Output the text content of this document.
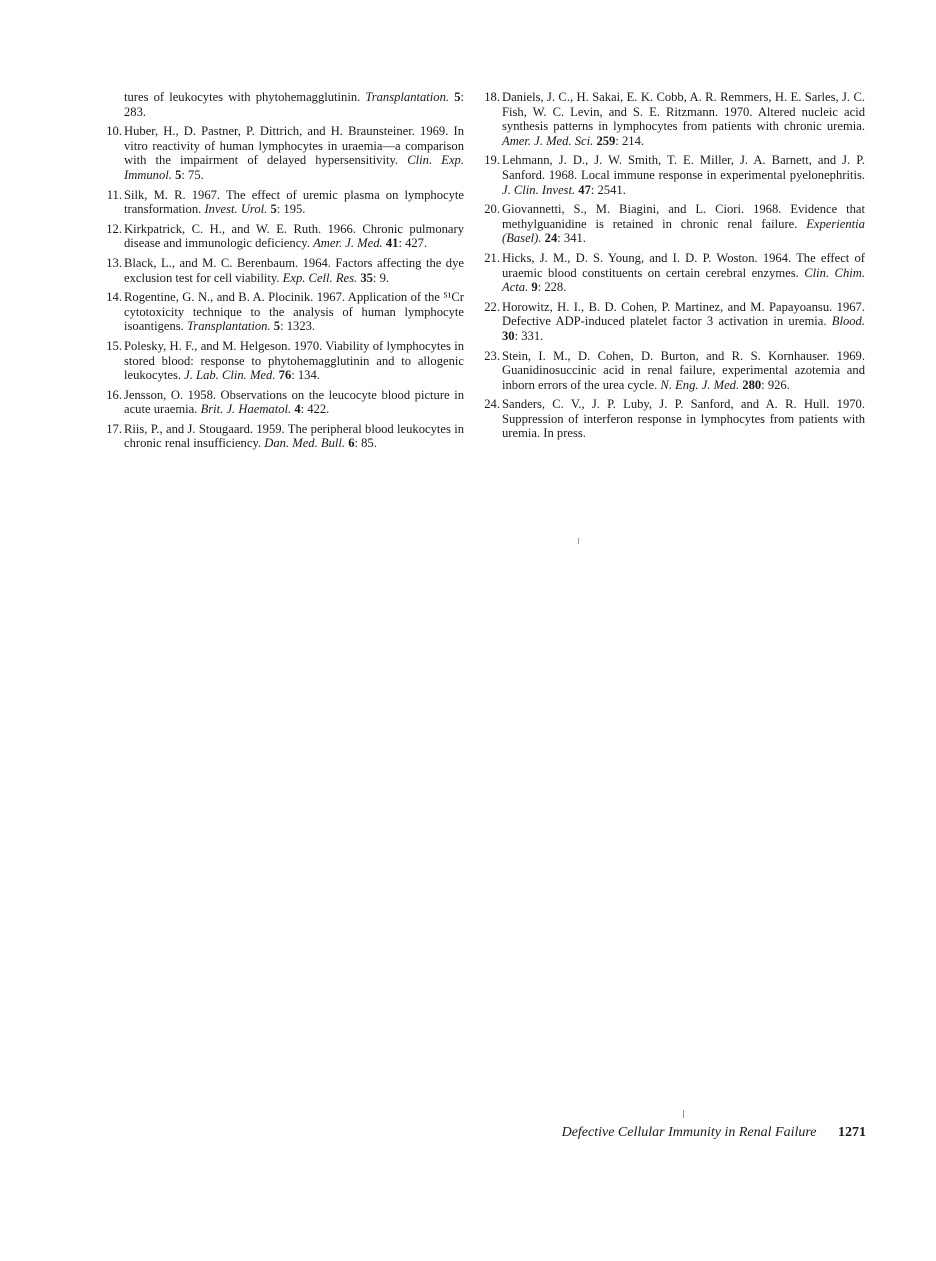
tures of leukocytes with phytohemagglutinin. Transplantation. 5: 283.
10. Huber, H., D. Pastner, P. Dittrich, and H. Braunsteiner. 1969. In vitro reactivity of human lymphocytes in uraemia—a comparison with the impairment of delayed hypersensitivity. Clin. Exp. Immunol. 5: 75.
11. Silk, M. R. 1967. The effect of uremic plasma on lymphocyte transformation. Invest. Urol. 5: 195.
12. Kirkpatrick, C. H., and W. E. Ruth. 1966. Chronic pulmonary disease and immunologic deficiency. Amer. J. Med. 41: 427.
13. Black, L., and M. C. Berenbaum. 1964. Factors affecting the dye exclusion test for cell viability. Exp. Cell. Res. 35: 9.
14. Rogentine, G. N., and B. A. Plocinik. 1967. Application of the ⁵¹Cr cytotoxicity technique to the analysis of human lymphocyte isoantigens. Transplantation. 5: 1323.
15. Polesky, H. F., and M. Helgeson. 1970. Viability of lymphocytes in stored blood: response to phytohemagglutinin and to allogenic leukocytes. J. Lab. Clin. Med. 76: 134.
16. Jensson, O. 1958. Observations on the leucocyte blood picture in acute uraemia. Brit. J. Haematol. 4: 422.
17. Riis, P., and J. Stougaard. 1959. The peripheral blood leukocytes in chronic renal insufficiency. Dan. Med. Bull. 6: 85.
18. Daniels, J. C., H. Sakai, E. K. Cobb, A. R. Remmers, H. E. Sarles, J. C. Fish, W. C. Levin, and S. E. Ritzmann. 1970. Altered nucleic acid synthesis patterns in lymphocytes from patients with chronic uremia. Amer. J. Med. Sci. 259: 214.
19. Lehmann, J. D., J. W. Smith, T. E. Miller, J. A. Barnett, and J. P. Sanford. 1968. Local immune response in experimental pyelonephritis. J. Clin. Invest. 47: 2541.
20. Giovannetti, S., M. Biagini, and L. Ciori. 1968. Evidence that methylguanidine is retained in chronic renal failure. Experientia (Basel). 24: 341.
21. Hicks, J. M., D. S. Young, and I. D. P. Woston. 1964. The effect of uraemic blood constituents on certain cerebral enzymes. Clin. Chim. Acta. 9: 228.
22. Horowitz, H. I., B. D. Cohen, P. Martinez, and M. Papayoansu. 1967. Defective ADP-induced platelet factor 3 activation in uremia. Blood. 30: 331.
23. Stein, I. M., D. Cohen, D. Burton, and R. S. Kornhauser. 1969. Guanidinosuccinic acid in renal failure, experimental azotemia and inborn errors of the urea cycle. N. Eng. J. Med. 280: 926.
24. Sanders, C. V., J. P. Luby, J. P. Sanford, and A. R. Hull. 1970. Suppression of interferon response in lymphocytes from patients with uremia. In press.
Defective Cellular Immunity in Renal Failure 1271
